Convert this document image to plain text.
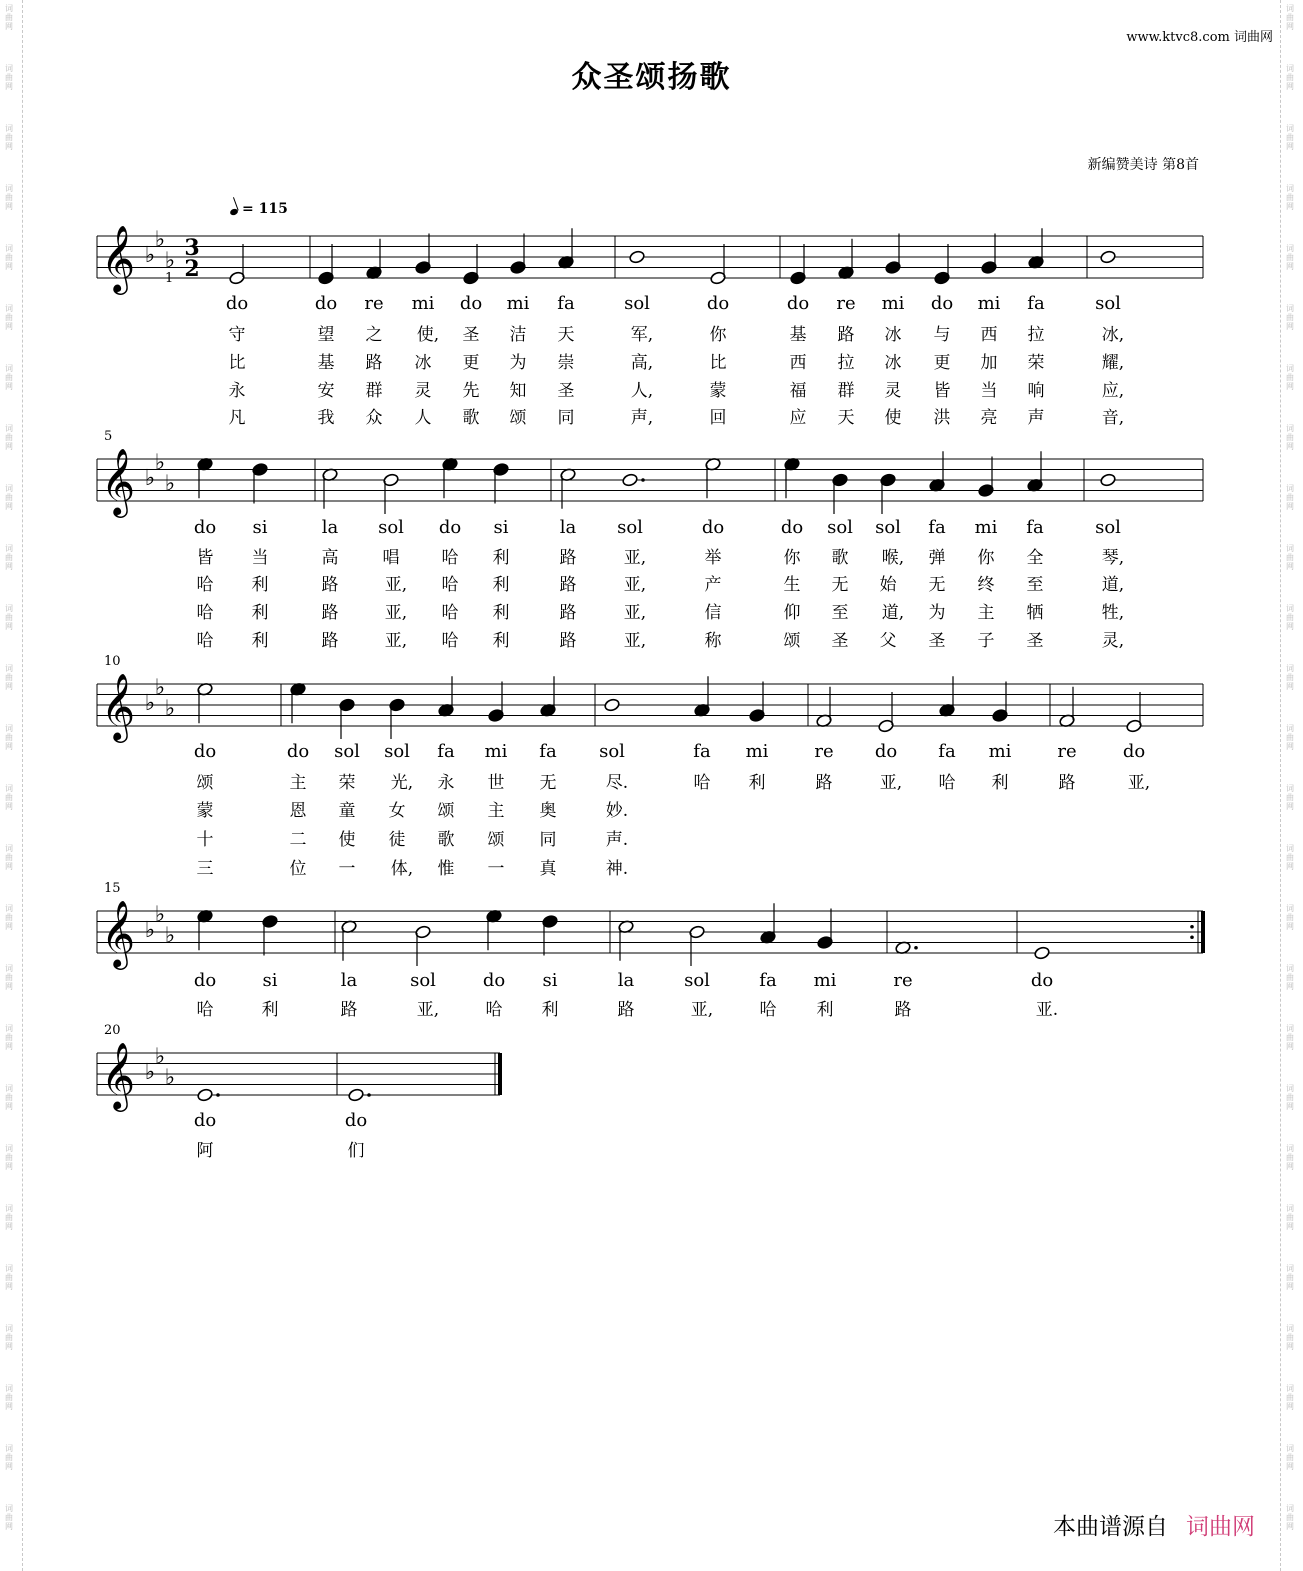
词
曲
网
词
曲
网
词
曲
网
词
曲
网
词
曲
网
词
曲
网
词
曲
网
词
曲
网
词
曲
网
词
曲
网
词
曲
网
词
曲
网
词
曲
网
词
曲
网
词
曲
网
词
曲
网
词
曲
网
词
曲
网
词
曲
网
词
曲
网
词
曲
网
词
曲
网
词
曲
网
词
曲
网
词
曲
网
词
曲
网
词
曲
网
词
曲
网
词
曲
网
词
曲
网
词
曲
网
词
曲
网
词
曲
网
词
曲
网
词
曲
网
词
曲
网
词
曲
网
词
曲
网
词
曲
网
词
曲
网
词
曲
网
词
曲
网
词
曲
网
词
曲
网
词
曲
网
词
曲
网
词
曲
网
词
曲
网
词
曲
网
词
曲
网
词
曲
网
词
曲
网
www.ktvc8.com 词曲网
众圣颂扬歌
新编赞美诗 第8首
= 115
𝄞 ♭
♭
♭ 3
2
𝄞 ♭
♭
♭
𝄞 ♭
♭
♭
𝄞 ♭
♭
♭
𝄞 ♭
♭
♭
1
do	do re mi do mi fa	sol	do	do re mi do mi fa	sol
守	望 之 使, 圣 洁 天	军,	你	基 路 冰 与 西 拉	冰,
比	基 路 冰 更 为 崇	高,	比	西 拉 冰 更 加 荣	耀,
永	安 群 灵 先 知 圣	人,	蒙	福 群 灵 皆 当 响	应,
凡	我 众 人 歌 颂 同	声,	回	应 天 使 洪 亮 声	音,
5
do si	la sol do si	la sol	do	do sol sol fa mi fa	sol
皆 当	高	唱 哈 利	路	亚,	举	你 歌 喉, 弹 你 全	琴,
哈 利	路	亚, 哈 利	路	亚,	产	生 无 始 无 终 至	道,
哈 利	路	亚, 哈 利	路	亚,	信	仰 至 道, 为 主 牺	牲,
哈 利	路	亚, 哈 利	路	亚,	称	颂 圣 父 圣 子 圣	灵,
10
do	do sol sol fa mi fa sol	fa mi	re do fa mi	re	do
颂	主 荣 光, 永 世 无	尽.	哈 利	路	亚, 哈 利	路	亚,
蒙	恩 童 女 颂 主 奥	妙.
十	二 使 徒 歌 颂 同	声.
三	位 一 体, 惟 一 真	神.
15
do	si	la	sol	do si	la	sol	fa mi	re	do
哈	利	路	亚,	哈 利	路	亚,	哈 利	路	亚.
20
do	do
阿	们
本曲谱源自 词曲网
